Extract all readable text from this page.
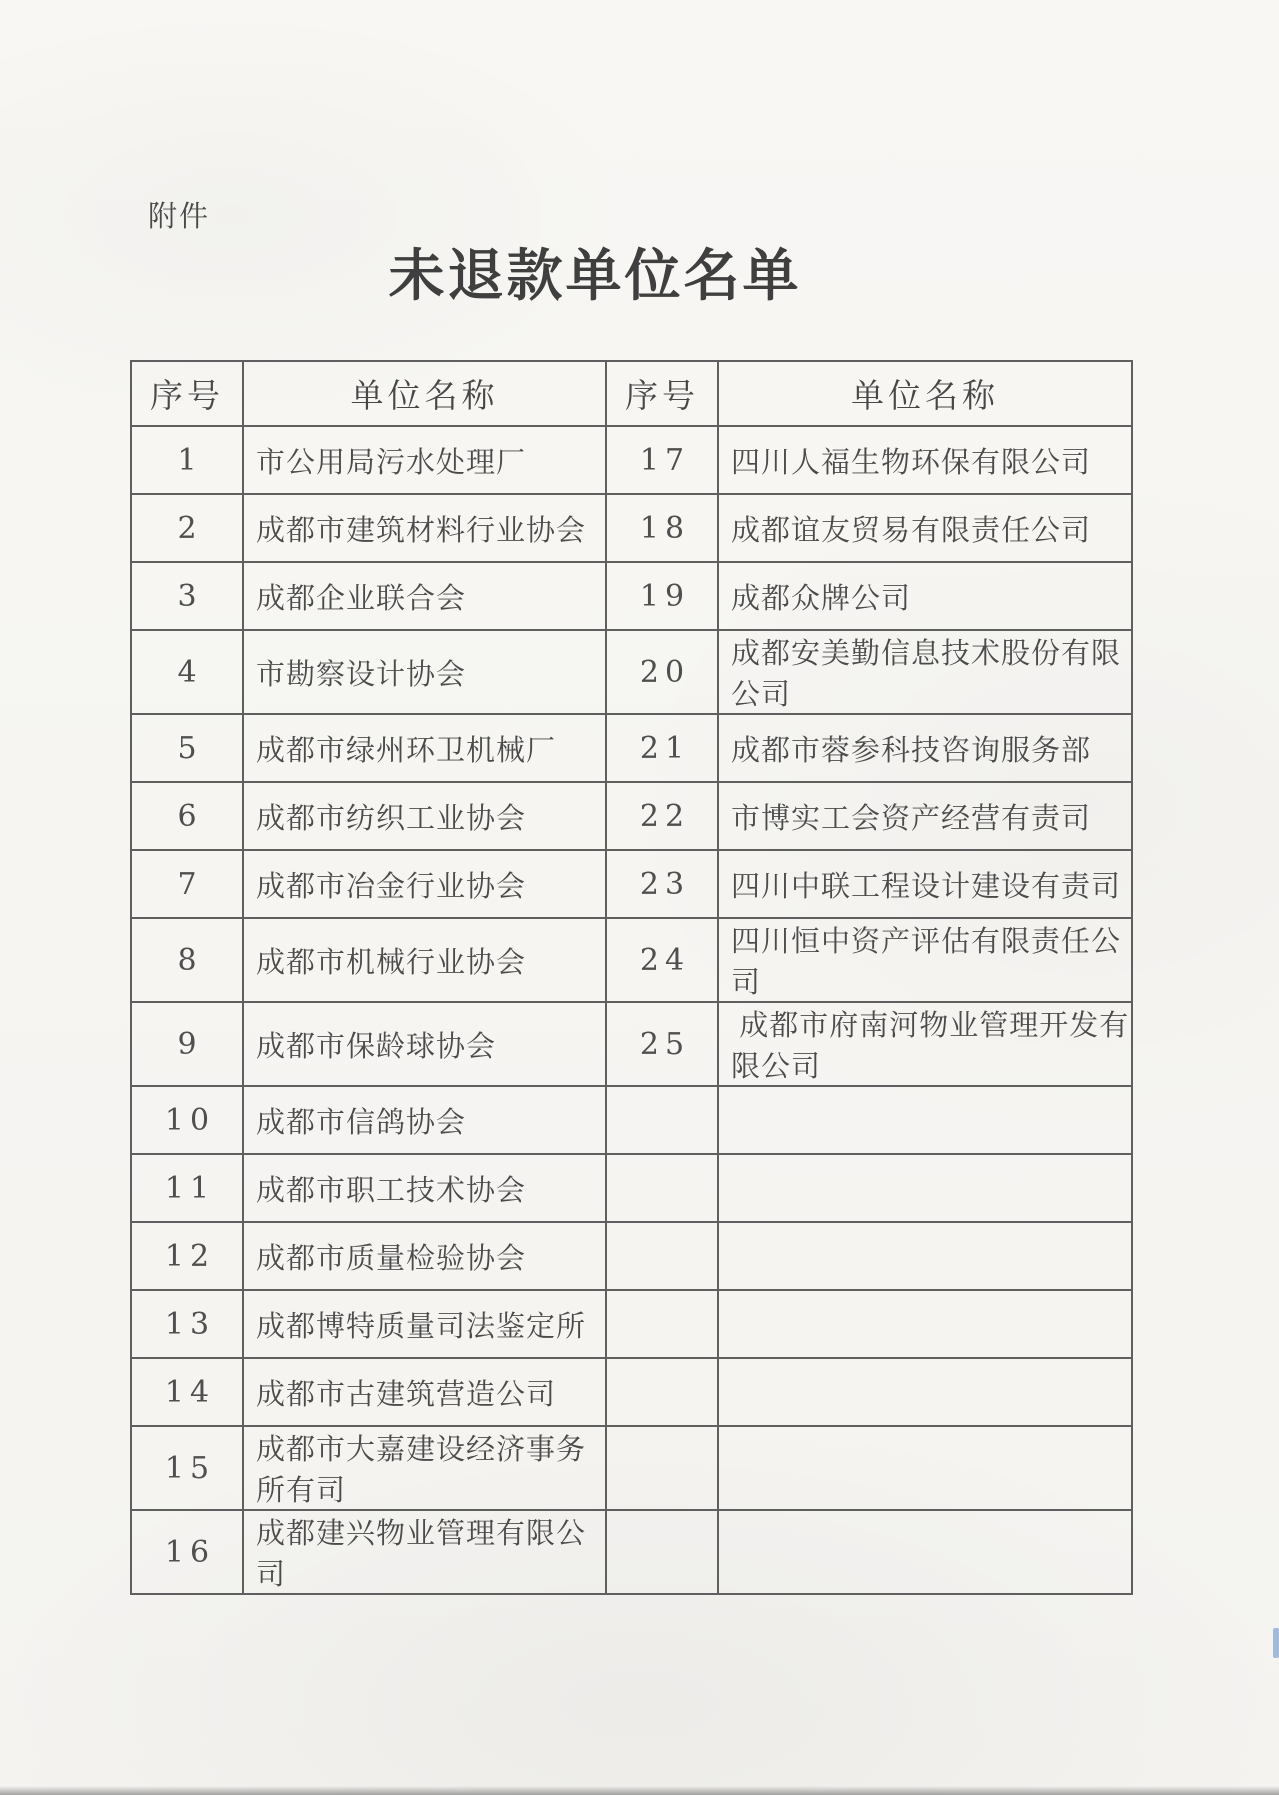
附件
未退款单位名单
序号	单位名称	序号	单位名称
1	市公用局污水处理厂	17	四川人福生物环保有限公司
2	成都市建筑材料行业协会	18	成都谊友贸易有限责任公司
3	成都企业联合会	19	成都众牌公司
4	市勘察设计协会	20	成都安美勤信息技术股份有限公司
5	成都市绿州环卫机械厂	21	成都市蓉参科技咨询服务部
6	成都市纺织工业协会	22	市博实工会资产经营有责司
7	成都市冶金行业协会	23	四川中联工程设计建设有责司
8	成都市机械行业协会	24	四川恒中资产评估有限责任公司
9	成都市保龄球协会	25	成都市府南河物业管理开发有限公司
10	成都市信鸽协会		
11	成都市职工技术协会		
12	成都市质量检验协会		
13	成都博特质量司法鉴定所		
14	成都市古建筑营造公司		
15	成都市大嘉建设经济事务所有司		
16	成都建兴物业管理有限公司		
